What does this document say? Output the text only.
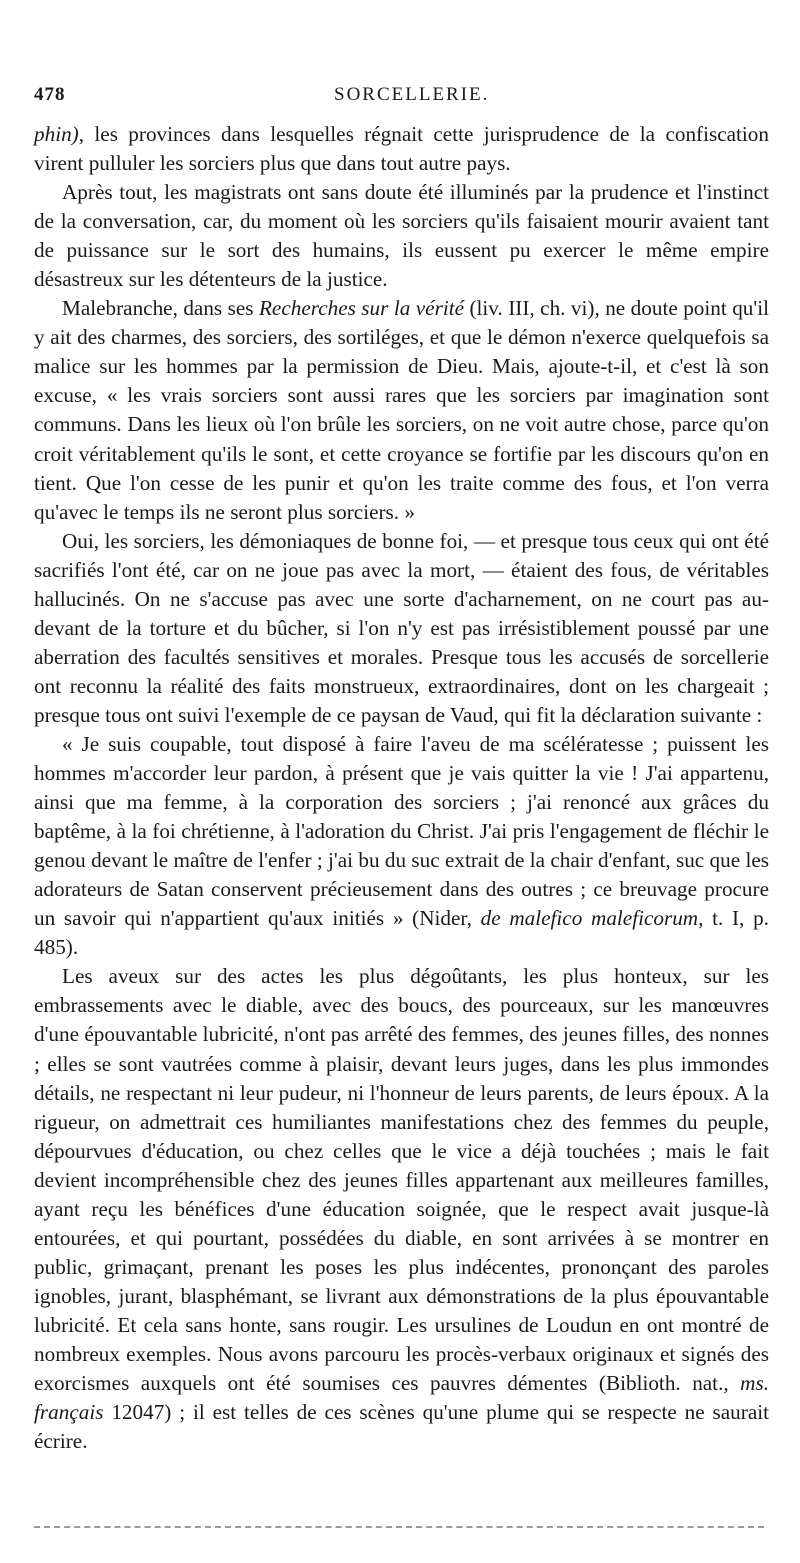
478	SORCELLERIE.

phin), les provinces dans lesquelles régnait cette jurisprudence de la confiscation virent pulluler les sorciers plus que dans tout autre pays.

Après tout, les magistrats ont sans doute été illuminés par la prudence et l'instinct de la conversation, car, du moment où les sorciers qu'ils faisaient mourir avaient tant de puissance sur le sort des humains, ils eussent pu exercer le même empire désastreux sur les détenteurs de la justice.

Malebranche, dans ses Recherches sur la vérité (liv. III, ch. vi), ne doute point qu'il y ait des charmes, des sorciers, des sortiléges, et que le démon n'exerce quelquefois sa malice sur les hommes par la permission de Dieu. Mais, ajoute-t-il, et c'est là son excuse, « les vrais sorciers sont aussi rares que les sorciers par imagination sont communs. Dans les lieux où l'on brûle les sorciers, on ne voit autre chose, parce qu'on croit véritablement qu'ils le sont, et cette croyance se fortifie par les discours qu'on en tient. Que l'on cesse de les punir et qu'on les traite comme des fous, et l'on verra qu'avec le temps ils ne seront plus sorciers. »

Oui, les sorciers, les démoniaques de bonne foi, — et presque tous ceux qui ont été sacrifiés l'ont été, car on ne joue pas avec la mort, — étaient des fous, de véritables hallucinés. On ne s'accuse pas avec une sorte d'acharnement, on ne court pas au-devant de la torture et du bûcher, si l'on n'y est pas irrésistiblement poussé par une aberration des facultés sensitives et morales. Presque tous les accusés de sorcellerie ont reconnu la réalité des faits monstrueux, extraordinaires, dont on les chargeait ; presque tous ont suivi l'exemple de ce paysan de Vaud, qui fit la déclaration suivante :

« Je suis coupable, tout disposé à faire l'aveu de ma scélératesse ; puissent les hommes m'accorder leur pardon, à présent que je vais quitter la vie ! J'ai appartenu, ainsi que ma femme, à la corporation des sorciers ; j'ai renoncé aux grâces du baptême, à la foi chrétienne, à l'adoration du Christ. J'ai pris l'engagement de fléchir le genou devant le maître de l'enfer ; j'ai bu du suc extrait de la chair d'enfant, suc que les adorateurs de Satan conservent précieusement dans des outres ; ce breuvage procure un savoir qui n'appartient qu'aux initiés » (Nider, de malefico maleficorum, t. I, p. 485).

Les aveux sur des actes les plus dégoûtants, les plus honteux, sur les embrassements avec le diable, avec des boucs, des pourceaux, sur les manœuvres d'une épouvantable lubricité, n'ont pas arrêté des femmes, des jeunes filles, des nonnes ; elles se sont vautrées comme à plaisir, devant leurs juges, dans les plus immondes détails, ne respectant ni leur pudeur, ni l'honneur de leurs parents, de leurs époux. A la rigueur, on admettrait ces humiliantes manifestations chez des femmes du peuple, dépourvues d'éducation, ou chez celles que le vice a déjà touchées ; mais le fait devient incompréhensible chez des jeunes filles appartenant aux meilleures familles, ayant reçu les bénéfices d'une éducation soignée, que le respect avait jusque-là entourées, et qui pourtant, possédées du diable, en sont arrivées à se montrer en public, grimaçant, prenant les poses les plus indécentes, prononçant des paroles ignobles, jurant, blasphémant, se livrant aux démonstrations de la plus épouvantable lubricité. Et cela sans honte, sans rougir. Les ursulines de Loudun en ont montré de nombreux exemples. Nous avons parcouru les procès-verbaux originaux et signés des exorcismes auxquels ont été soumises ces pauvres démentes (Biblioth. nat., ms. français 12047) ; il est telles de ces scènes qu'une plume qui se respecte ne saurait écrire.
